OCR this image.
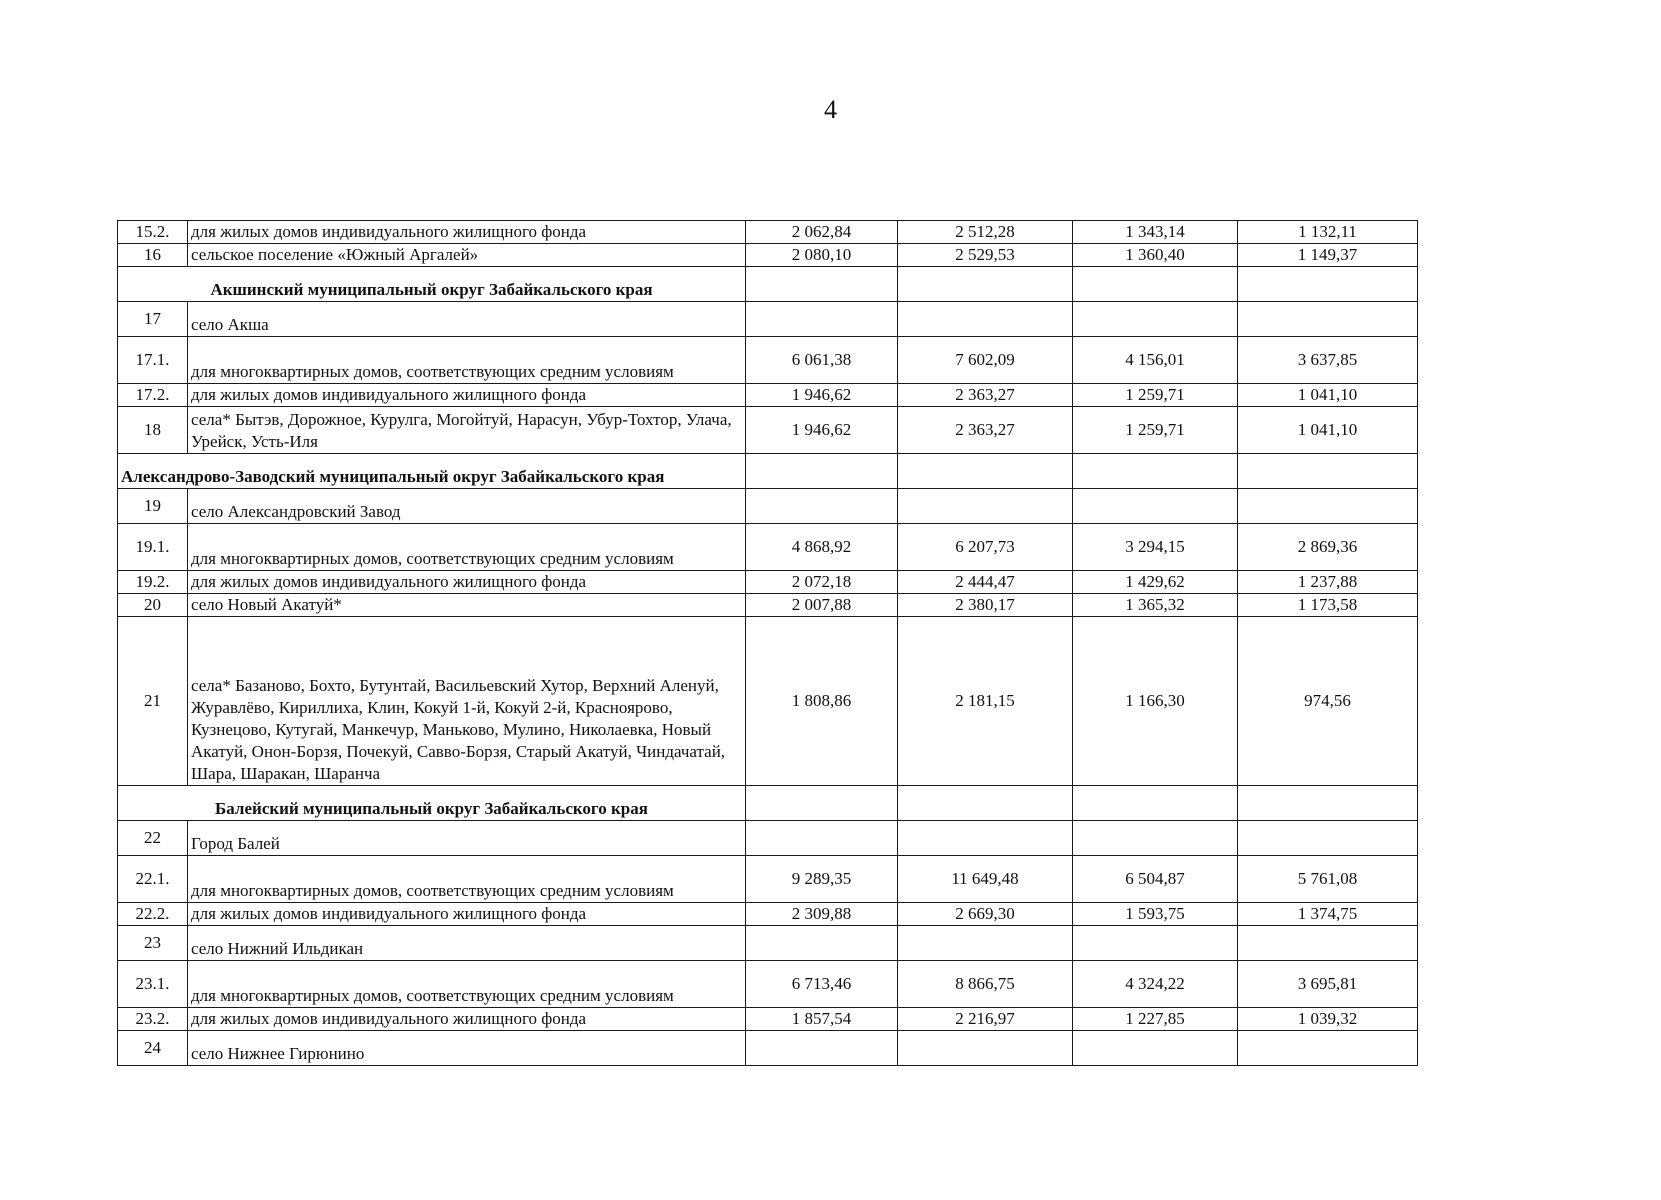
4
15.2.	для жилых домов индивидуального жилищного фонда	2 062,84	2 512,28	1 343,14	1 132,11
16	сельское поселение «Южный Аргалей»	2 080,10	2 529,53	1 360,40	1 149,37
Акшинский муниципальный округ Забайкальского края					
17	село Акша				
17.1.	для многоквартирных домов, соответствующих средним условиям	6 061,38	7 602,09	4 156,01	3 637,85
17.2.	для жилых домов индивидуального жилищного фонда	1 946,62	2 363,27	1 259,71	1 041,10
18	села* Бытэв, Дорожное, Курулга, Могойтуй, Нарасун, Убур-Тохтор, Улача, Урейск, Усть-Иля	1 946,62	2 363,27	1 259,71	1 041,10
Александрово-Заводский муниципальный округ Забайкальского края					
19	село Александровский Завод				
19.1.	для многоквартирных домов, соответствующих средним условиям	4 868,92	6 207,73	3 294,15	2 869,36
19.2.	для жилых домов индивидуального жилищного фонда	2 072,18	2 444,47	1 429,62	1 237,88
20	село Новый Акатуй*	2 007,88	2 380,17	1 365,32	1 173,58
21	села* Базаново, Бохто, Бутунтай, Васильевский Хутор, Верхний Аленуй, Журавлёво, Кириллиха, Клин, Кокуй 1-й, Кокуй 2-й, Краснояровo, Кузнецово, Кутугай, Манкечур, Маньково, Мулино, Николаевка, Новый Акатуй, Онон-Борзя, Почекуй, Савво-Борзя, Старый Акатуй, Чиндачатай, Шара, Шаракан, Шаранча	1 808,86	2 181,15	1 166,30	974,56
Балейский муниципальный округ Забайкальского края					
22	Город Балей				
22.1.	для многоквартирных домов, соответствующих средним условиям	9 289,35	11 649,48	6 504,87	5 761,08
22.2.	для жилых домов индивидуального жилищного фонда	2 309,88	2 669,30	1 593,75	1 374,75
23	село Нижний Ильдикан				
23.1.	для многоквартирных домов, соответствующих средним условиям	6 713,46	8 866,75	4 324,22	3 695,81
23.2.	для жилых домов индивидуального жилищного фонда	1 857,54	2 216,97	1 227,85	1 039,32
24	село Нижнее Гирюнино				
